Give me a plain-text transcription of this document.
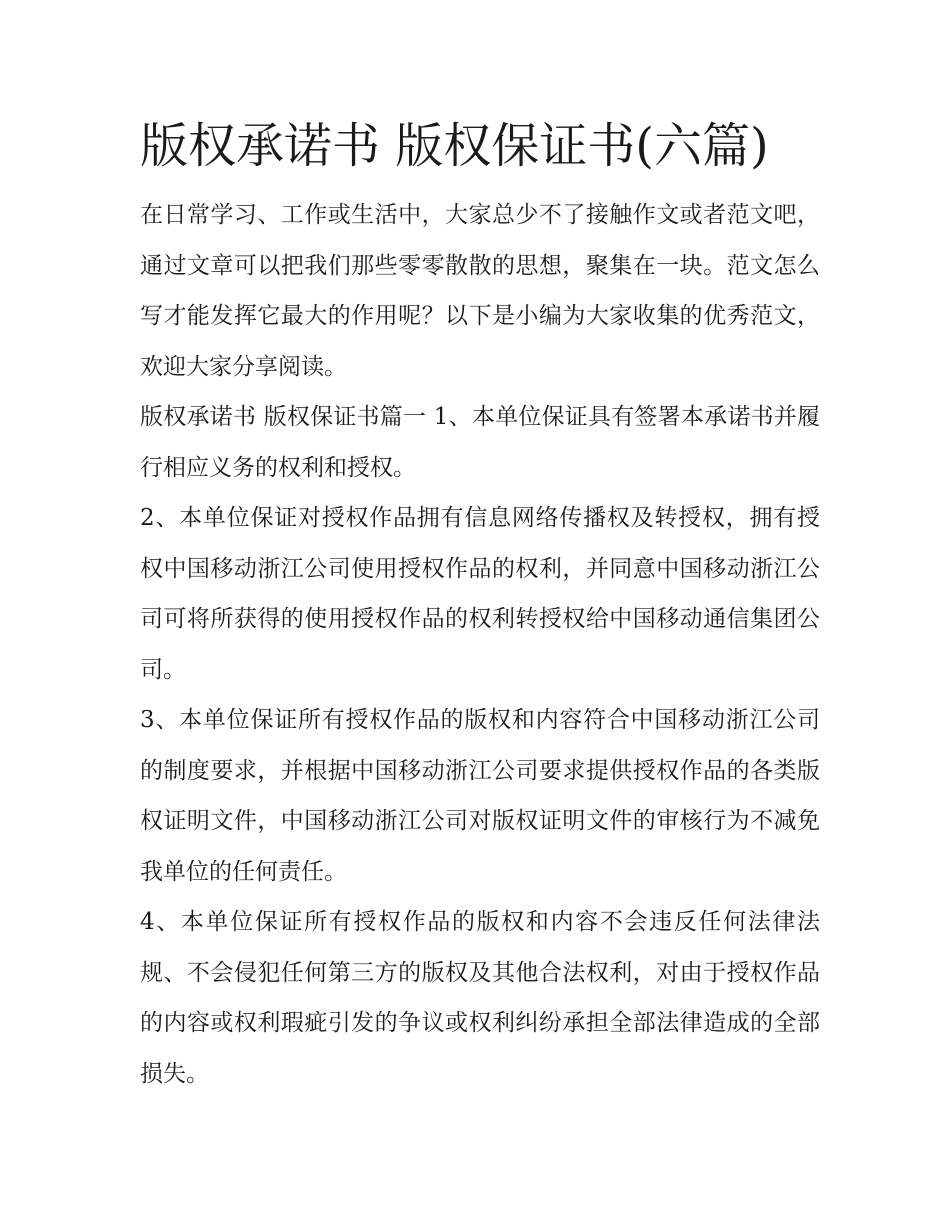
版权承诺书 版权保证书(六篇)

在日常学习、工作或生活中，大家总少不了接触作文或者范文吧，通过文章可以把我们那些零零散散的思想，聚集在一块。范文怎么写才能发挥它最大的作用呢？以下是小编为大家收集的优秀范文，欢迎大家分享阅读。

版权承诺书 版权保证书篇一 1、本单位保证具有签署本承诺书并履行相应义务的权利和授权。

2、本单位保证对授权作品拥有信息网络传播权及转授权，拥有授权中国移动浙江公司使用授权作品的权利，并同意中国移动浙江公司可将所获得的使用授权作品的权利转授权给中国移动通信集团公司。

3、本单位保证所有授权作品的版权和内容符合中国移动浙江公司的制度要求，并根据中国移动浙江公司要求提供授权作品的各类版权证明文件，中国移动浙江公司对版权证明文件的审核行为不减免我单位的任何责任。

4、本单位保证所有授权作品的版权和内容不会违反任何法律法规、不会侵犯任何第三方的版权及其他合法权利，对由于授权作品的内容或权利瑕疵引发的争议或权利纠纷承担全部法律造成的全部损失。
